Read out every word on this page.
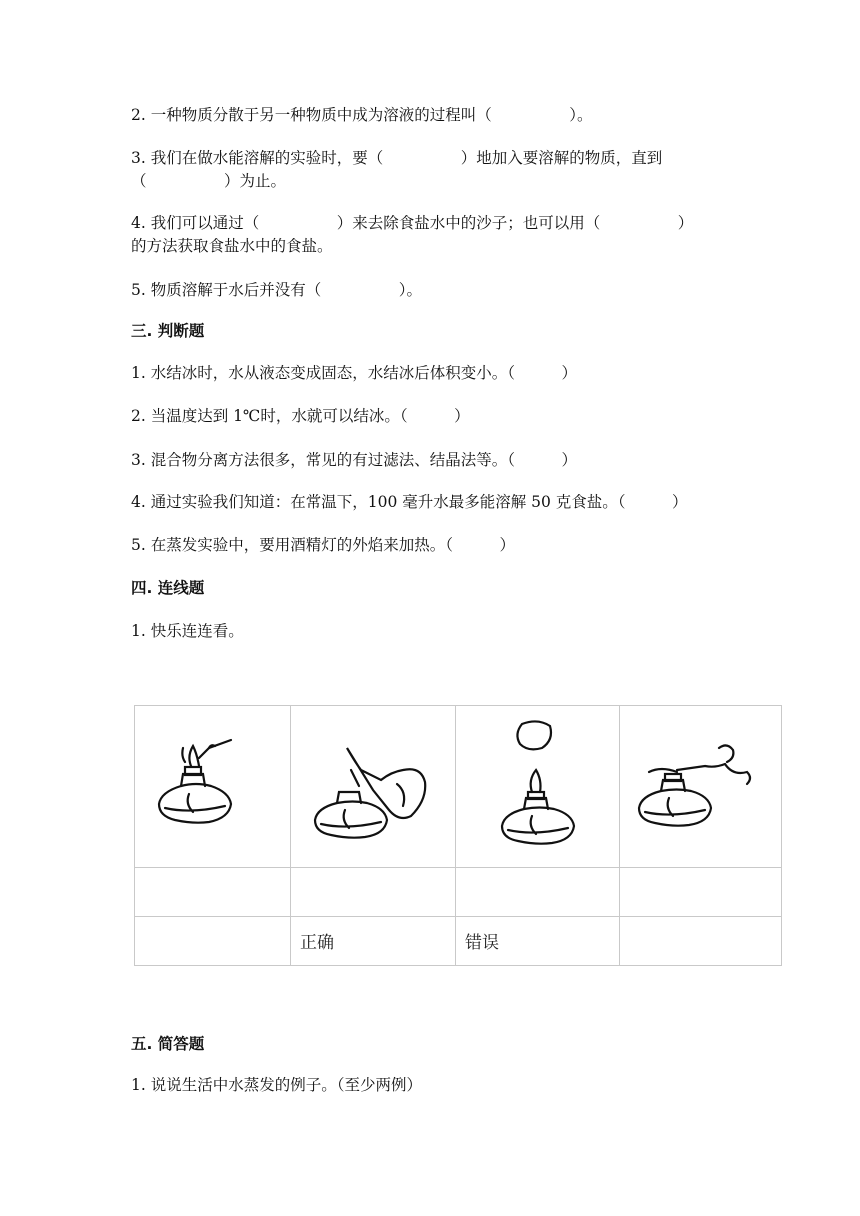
2. 一种物质分散于另一种物质中成为溶液的过程叫（　　　　　）。
3. 我们在做水能溶解的实验时，要（　　　　　）地加入要溶解的物质，直到
（　　　　　）为止。
4. 我们可以通过（　　　　　）来去除食盐水中的沙子；也可以用（　　　　　）
的方法获取食盐水中的食盐。
5. 物质溶解于水后并没有（　　　　　）。
三. 判断题
1. 水结冰时，水从液态变成固态，水结冰后体积变小。（　　　）
2. 当温度达到 1℃时，水就可以结冰。（　　　）
3. 混合物分离方法很多，常见的有过滤法、结晶法等。（　　　）
4. 通过实验我们知道：在常温下，100 毫升水最多能溶解 50 克食盐。（　　　）
5. 在蒸发实验中，要用酒精灯的外焰来加热。（　　　）
四. 连线题
1. 快乐连连看。
正确	错误
五. 简答题
1. 说说生活中水蒸发的例子。（至少两例）
